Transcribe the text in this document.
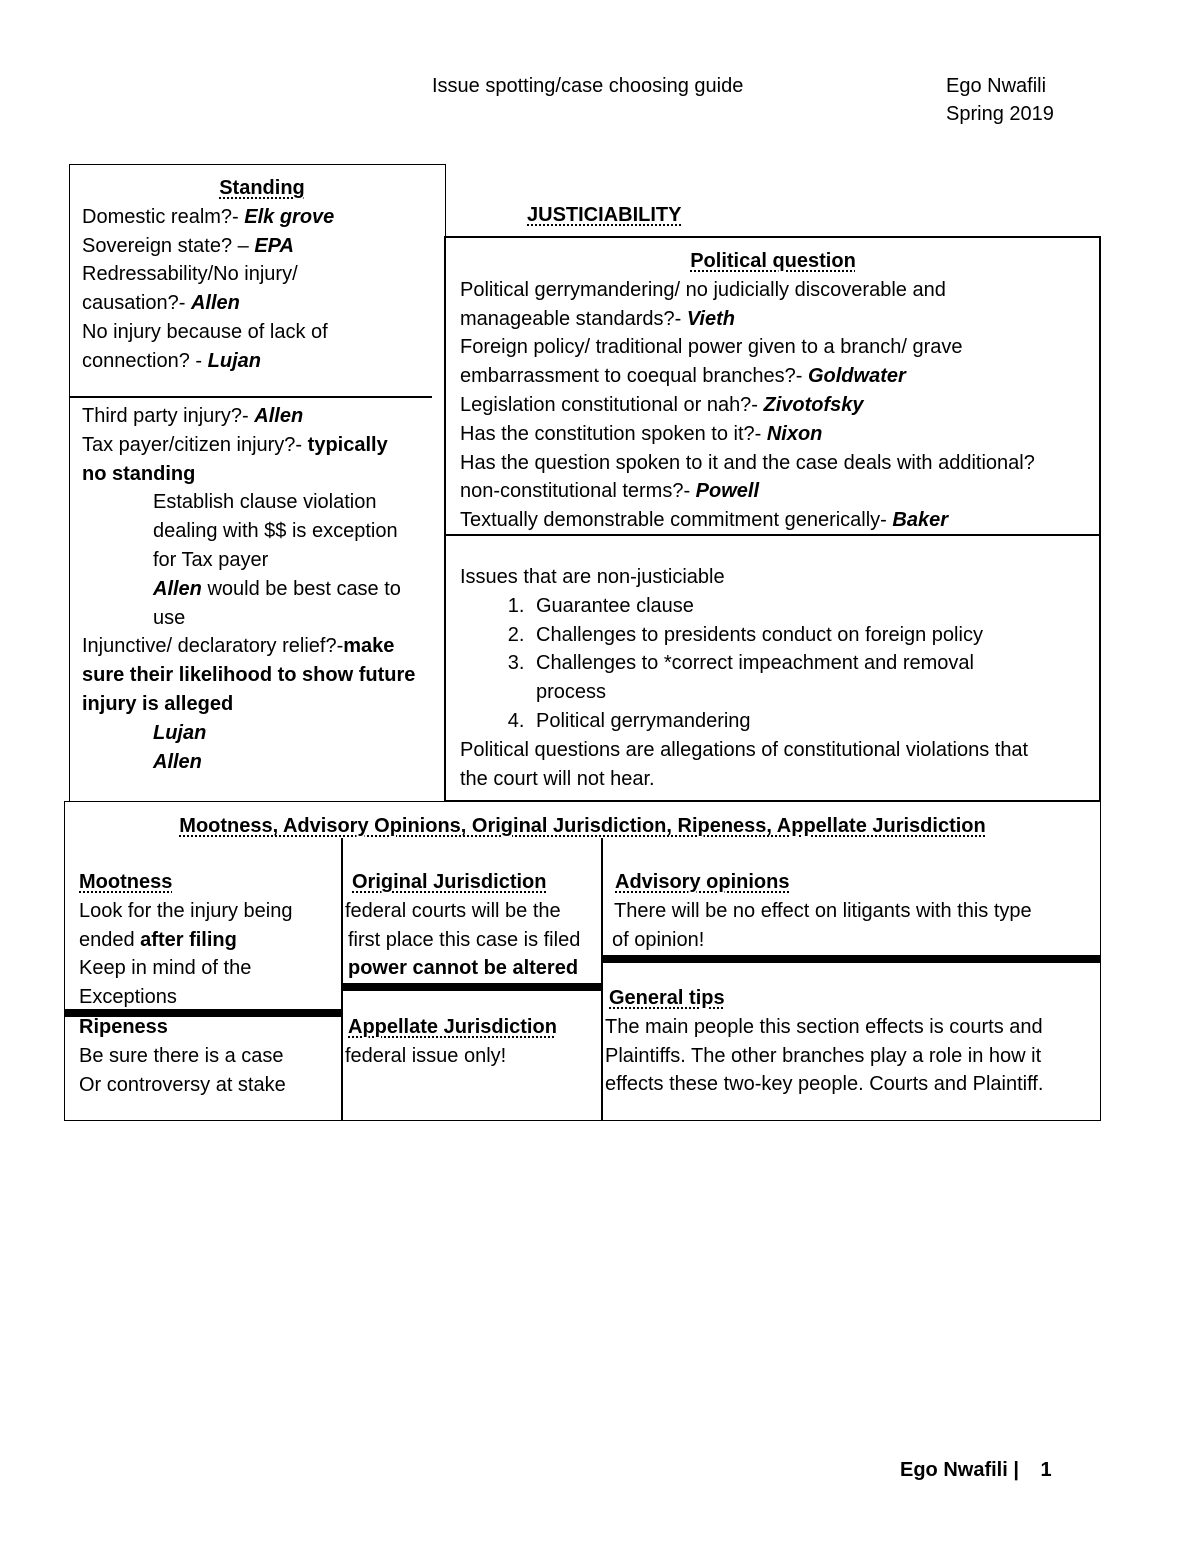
Issue spotting/case choosing guide	Ego Nwafili
Spring 2019
Standing
Domestic realm?- Elk grove
Sovereign state? – EPA
Redressability/No injury/
causation?- Allen
No injury because of lack of
connection? - Lujan
Third party injury?- Allen
Tax payer/citizen injury?- typically
no standing
Establish clause violation
dealing with $$ is exception
for Tax payer
Allen would be best case to
use
Injunctive/ declaratory relief?-make
sure their likelihood to show future
injury is alleged
Lujan
Allen
JUSTICIABILITY
Political question
Political gerrymandering/ no judicially discoverable and
manageable standards?- Vieth
Foreign policy/ traditional power given to a branch/ grave
embarrassment to coequal branches?- Goldwater
Legislation constitutional or nah?- Zivotofsky
Has the constitution spoken to it?- Nixon
Has the question spoken to it and the case deals with additional?
non-constitutional terms?- Powell
Textually demonstrable commitment generically- Baker
Issues that are non-justiciable
1. Guarantee clause
2. Challenges to presidents conduct on foreign policy
3. Challenges to *correct impeachment and removal process
4. Political gerrymandering
Political questions are allegations of constitutional violations that
the court will not hear.
Mootness, Advisory Opinions, Original Jurisdiction, Ripeness, Appellate Jurisdiction
Mootness
Look for the injury being
ended after filing
Keep in mind of the
Exceptions
Ripeness
Be sure there is a case
Or controversy at stake
Original Jurisdiction
federal courts will be the
first place this case is filed
power cannot be altered
Appellate Jurisdiction
federal issue only!
Advisory opinions
There will be no effect on litigants with this type
of opinion!
General tips
The main people this section effects is courts and
Plaintiffs. The other branches play a role in how it
effects these two-key people. Courts and Plaintiff.
Ego Nwafili | 1
